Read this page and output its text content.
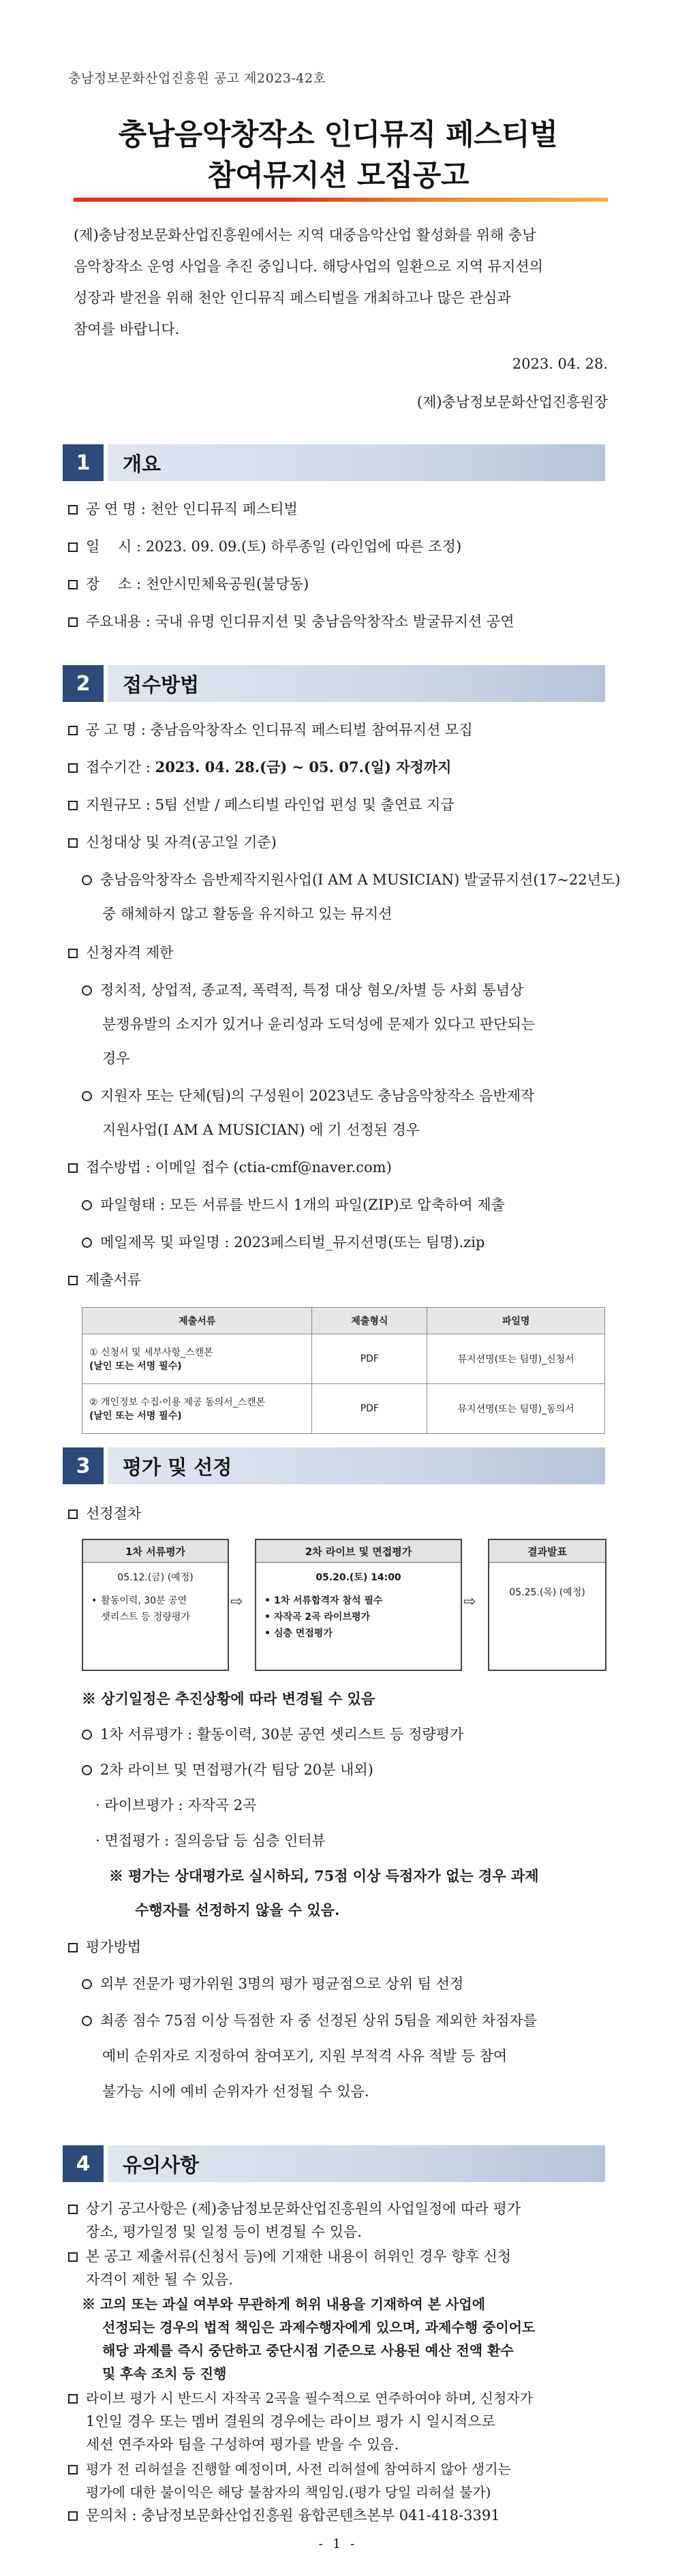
충남정보문화산업진흥원 공고 제2023-42호
충남음악창작소 인디뮤직 페스티벌
참여뮤지션 모집공고

(제)충남정보문화산업진흥원에서는 지역 대중음악산업 활성화를 위해 충남

음악창작소 운영 사업을 추진 중입니다. 해당사업의 일환으로 지역 뮤지션의

성장과 발전을 위해 천안 인디뮤직 페스티벌을 개최하고나 많은 관심과

참여를 바랍니다.

2023. 04. 28.
(제)충남정보문화산업진흥원장
1	개요
공 연 명 : 천안 인디뮤직 페스티벌
일    시 : 2023. 09. 09.(토) 하루종일 (라인업에 따른 조정)
장    소 : 천안시민체육공원(불당동)
주요내용 : 국내 유명 인디뮤지션 및 충남음악창작소 발굴뮤지션 공연
2	접수방법
공 고 명 : 충남음악창작소 인디뮤직 페스티벌 참여뮤지션 모집
접수기간 : 2023. 04. 28.(금) ~ 05. 07.(일) 자정까지
지원규모 : 5팀 선발 / 페스티벌 라인업 편성 및 출연료 지급
신청대상 및 자격(공고일 기준)
충남음악창작소 음반제작지원사업(I AM A MUSICIAN) 발굴뮤지션(17~22년도)
중 해체하지 않고 활동을 유지하고 있는 뮤지션
신청자격 제한
정치적, 상업적, 종교적, 폭력적, 특정 대상 혐오/차별 등 사회 통념상
분쟁유발의 소지가 있거나 윤리성과 도덕성에 문제가 있다고 판단되는
경우
지원자 또는 단체(팀)의 구성원이 2023년도 충남음악창작소 음반제작
지원사업(I AM A MUSICIAN) 에 기 선정된 경우
접수방법 : 이메일 접수 (ctia-cmf@naver.com)
파일형태 : 모든 서류를 반드시 1개의 파일(ZIP)로 압축하여 제출
메일제목 및 파일명 : 2023페스티벌_뮤지션명(또는 팀명).zip
제출서류
제출서류	제출형식	파일명

① 신청서 및 세부사항_스캔본
(날인 또는 서명 필수)	PDF	뮤지션명(또는 팀명)_신청서

② 개인정보 수집·이용 제공 동의서_스캔본
(날인 또는 서명 필수)	PDF	뮤지션명(또는 팀명)_동의서
3	평가 및 선정
선정절차
1차 서류평가
05.12.(금) (예정)
• 활동이력, 30분 공연
셋리스트 등 정량평가
⇨
2차 라이브 및 면접평가
05.20.(토) 14:00
• 1차 서류합격자 참석 필수
• 자작곡 2곡 라이브평가
• 심층 면접평가
⇨
결과발표
05.25.(목) (예정)
※ 상기일정은 추진상황에 따라 변경될 수 있음
1차 서류평가 : 활동이력, 30분 공연 셋리스트 등 정량평가
2차 라이브 및 면접평가(각 팀당 20분 내외)
· 라이브평가 : 자작곡 2곡
· 면접평가 : 질의응답 등 심층 인터뷰
※ 평가는 상대평가로 실시하되, 75점 이상 득점자가 없는 경우 과제
수행자를 선정하지 않을 수 있음.
평가방법
외부 전문가 평가위원 3명의 평가 평균점으로 상위 팀 선정
최종 점수 75점 이상 득점한 자 중 선정된 상위 5팀을 제외한 차점자를
예비 순위자로 지정하여 참여포기, 지원 부적격 사유 적발 등 참여
불가능 시에 예비 순위자가 선정될 수 있음.
4	유의사항
상기 공고사항은 (제)충남정보문화산업진흥원의 사업일정에 따라 평가
장소, 평가일정 및 일정 등이 변경될 수 있음.
본 공고 제출서류(신청서 등)에 기재한 내용이 허위인 경우 향후 신청
자격이 제한 될 수 있음.
※ 고의 또는 과실 여부와 무관하게 허위 내용을 기재하여 본 사업에
선정되는 경우의 법적 책임은 과제수행자에게 있으며, 과제수행 중이어도
해당 과제를 즉시 중단하고 중단시점 기준으로 사용된 예산 전액 환수
및 후속 조치 등 진행
라이브 평가 시 반드시 자작곡 2곡을 필수적으로 연주하여야 하며, 신청자가
1인일 경우 또는 멤버 결원의 경우에는 라이브 평가 시 일시적으로
세션 연주자와 팀을 구성하여 평가를 받을 수 있음.
평가 전 리허설을 진행할 예정이며, 사전 리허설에 참여하지 않아 생기는
평가에 대한 불이익은 해당 불참자의 책임임.(평가 당일 리허설 불가)
문의처 : 충남정보문화산업진흥원 융합콘텐츠본부 041-418-3391
- 1 -
